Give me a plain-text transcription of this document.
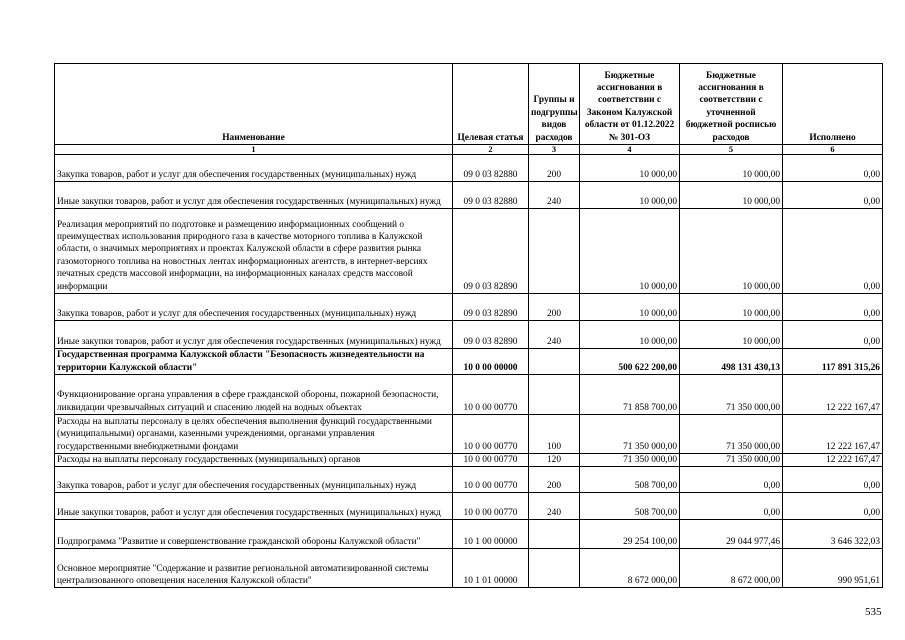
Наименование	Целевая статья	Группы и подгруппы видов расходов	Бюджетные ассигнования в соответствии с Законом Калужской области от 01.12.2022 № 301-ОЗ	Бюджетные ассигнования в соответствии с уточненной бюджетной росписью расходов	Исполнено
1	2	3	4	5	6
Закупка товаров, работ и услуг для обеспечения государственных (муниципальных) нужд	09 0 03 82880	200	10 000,00	10 000,00	0,00
Иные закупки товаров, работ и услуг для обеспечения государственных (муниципальных) нужд	09 0 03 82880	240	10 000,00	10 000,00	0,00
Реализация мероприятий по подготовке и размещению информационных сообщений о преимуществах использования природного газа в качестве моторного топлива в Калужской области, о значимых мероприятиях и проектах Калужской области в сфере развития рынка газомоторного топлива на новостных лентах информационных агентств, в интернет-версиях печатных средств массовой информации, на информационных каналах средств массовой информации	09 0 03 82890		10 000,00	10 000,00	0,00
Закупка товаров, работ и услуг для обеспечения государственных (муниципальных) нужд	09 0 03 82890	200	10 000,00	10 000,00	0,00
Иные закупки товаров, работ и услуг для обеспечения государственных (муниципальных) нужд	09 0 03 82890	240	10 000,00	10 000,00	0,00
Государственная программа Калужской области "Безопасность жизнедеятельности на территории Калужской области"	10 0 00 00000		500 622 200,00	498 131 430,13	117 891 315,26
Функционирование органа управления в сфере гражданской обороны, пожарной безопасности, ликвидации чрезвычайных ситуаций и спасению людей на водных объектах	10 0 00 00770		71 858 700,00	71 350 000,00	12 222 167,47
Расходы на выплаты персоналу в целях обеспечения выполнения функций государственными (муниципальными) органами, казенными учреждениями, органами управления государственными внебюджетными фондами	10 0 00 00770	100	71 350 000,00	71 350 000,00	12 222 167,47
Расходы на выплаты персоналу государственных (муниципальных) органов	10 0 00 00770	120	71 350 000,00	71 350 000,00	12 222 167,47
Закупка товаров, работ и услуг для обеспечения государственных (муниципальных) нужд	10 0 00 00770	200	508 700,00	0,00	0,00
Иные закупки товаров, работ и услуг для обеспечения государственных (муниципальных) нужд	10 0 00 00770	240	508 700,00	0,00	0,00
Подпрограмма "Развитие и совершенствование гражданской обороны Калужской области"	10 1 00 00000		29 254 100,00	29 044 977,46	3 646 322,03
Основное мероприятие "Содержание и развитие региональной автоматизированной системы централизованного оповещения населения Калужской области"	10 1 01 00000		8 672 000,00	8 672 000,00	990 951,61
535
